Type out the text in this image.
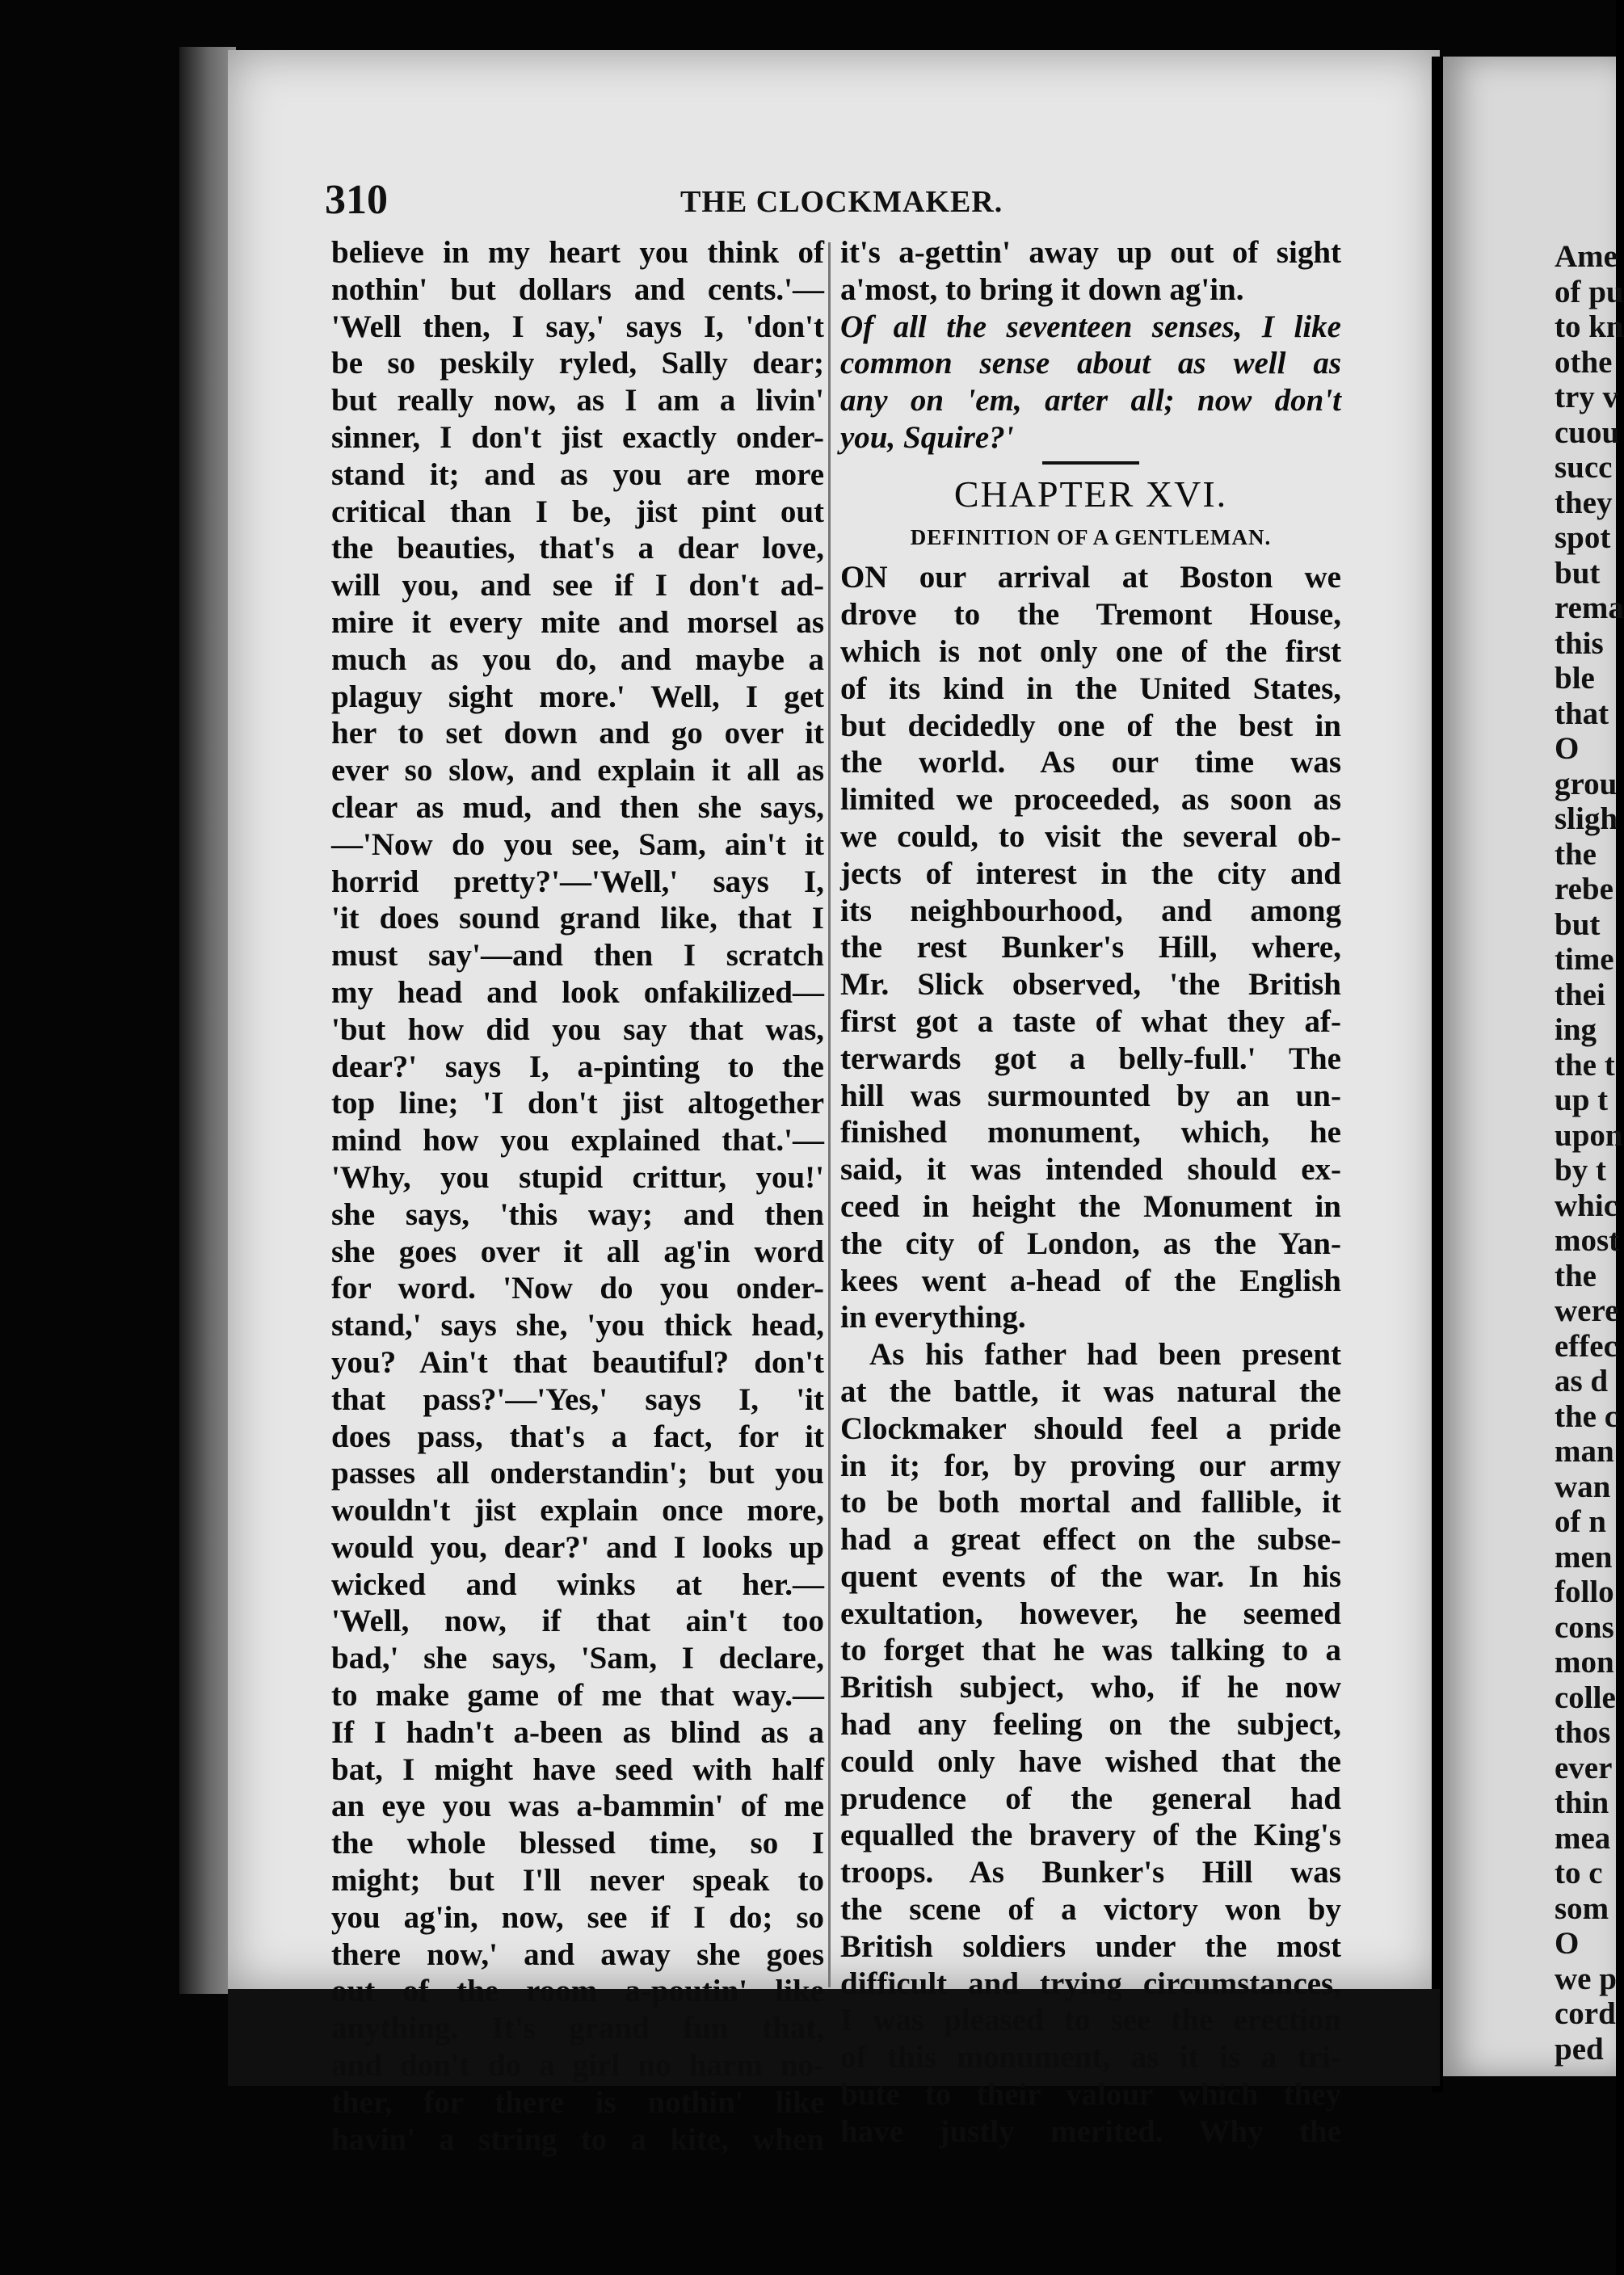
Ame
of pu
to kn
othe
try v
cuou
succ
they
spot
but
rema
this
ble
that
O
grou
sligh
the
rebe
but
time
thei
ing
the t
up t
upon
by t
whic
most
the
were
effec
as d
the c
man
wan
of n
men
follo
cons
mon
colle
thos
ever
thin
mea
to c
som
O
we p
cord
ped
310	THE CLOCKMAKER.
believe in my heart you think of
nothin' but dollars and cents.'—
'Well then, I say,' says I, 'don't
be so peskily ryled, Sally dear;
but really now, as I am a livin'
sinner, I don't jist exactly onder-
stand it; and as you are more
critical than I be, jist pint out
the beauties, that's a dear love,
will you, and see if I don't ad-
mire it every mite and morsel as
much as you do, and maybe a
plaguy sight more.' Well, I get
her to set down and go over it
ever so slow, and explain it all as
clear as mud, and then she says,
—'Now do you see, Sam, ain't it
horrid pretty?'—'Well,' says I,
'it does sound grand like, that I
must say'—and then I scratch
my head and look onfakilized—
'but how did you say that was,
dear?' says I, a-pinting to the
top line; 'I don't jist altogether
mind how you explained that.'—
'Why, you stupid crittur, you!'
she says, 'this way; and then
she goes over it all ag'in word
for word. 'Now do you onder-
stand,' says she, 'you thick head,
you? Ain't that beautiful? don't
that pass?'—'Yes,' says I, 'it
does pass, that's a fact, for it
passes all onderstandin'; but you
wouldn't jist explain once more,
would you, dear?' and I looks up
wicked and winks at her.—
'Well, now, if that ain't too
bad,' she says, 'Sam, I declare,
to make game of me that way.—
If I hadn't a-been as blind as a
bat, I might have seed with half
an eye you was a-bammin' of me
the whole blessed time, so I
might; but I'll never speak to
you ag'in, now, see if I do; so
there now,' and away she goes
out of the room a-poutin' like
anything. It's grand fun that,
and don't do a girl no harm no-
ther, for there is nothin' like
havin' a string to a kite, when
it's a-gettin' away up out of sight
a'most, to bring it down ag'in.
Of all the seventeen senses, I like
common sense about as well as
any on 'em, arter all; now don't
you, Squire?'
CHAPTER XVI.
DEFINITION OF A GENTLEMAN.
ON our arrival at Boston we
drove to the Tremont House,
which is not only one of the first
of its kind in the United States,
but decidedly one of the best in
the world. As our time was
limited we proceeded, as soon as
we could, to visit the several ob-
jects of interest in the city and
its neighbourhood, and among
the rest Bunker's Hill, where,
Mr. Slick observed, 'the British
first got a taste of what they af-
terwards got a belly-full.' The
hill was surmounted by an un-
finished monument, which, he
said, it was intended should ex-
ceed in height the Monument in
the city of London, as the Yan-
kees went a-head of the English
in everything.
As his father had been present
at the battle, it was natural the
Clockmaker should feel a pride
in it; for, by proving our army
to be both mortal and fallible, it
had a great effect on the subse-
quent events of the war. In his
exultation, however, he seemed
to forget that he was talking to a
British subject, who, if he now
had any feeling on the subject,
could only have wished that the
prudence of the general had
equalled the bravery of the King's
troops. As Bunker's Hill was
the scene of a victory won by
British soldiers under the most
difficult and trying circumstances,
I was pleased to see the erection
of this monument, as it is a tri-
bute to their valour which they
have justly merited. Why the
